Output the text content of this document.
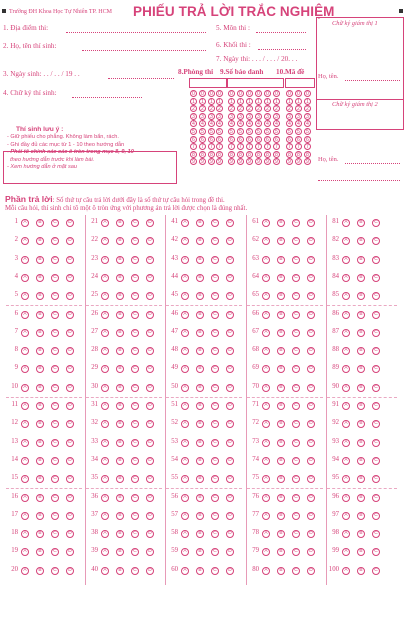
Trường ĐH Khoa Học Tự Nhiên TP. HCM PHIẾU TRẢ LỜI TRẮC NGHIỆM
1. Địa điểm thi:
2. Họ, tên thí sinh:
3. Ngày sinh: . . / . . / 19 . .
4. Chữ ký thí sinh:
5. Môn thi :
6. Khối thi :
7. Ngày thi: . . . / . . . / 20. . .
Chữ ký giám thị 1
Họ, tên.
Chữ ký giám thị 2
Họ, tên.
8.Phòng thi 9.Số báo danh 10.Mã đề
0
1
2
3
4
5
6
7
8
9
0
1
2
3
4
5
6
7
8
9
0
1
2
3
4
5
6
7
8
9
0
1
2
3
4
5
6
7
8
9
0
1
2
3
4
5
6
7
8
9
0
1
2
3
4
5
6
7
8
9
0
1
2
3
4
5
6
7
8
9
0
1
2
3
4
5
6
7
8
9
0
1
2
3
4
5
6
7
8
9
0
1
2
3
4
5
6
7
8
9
0
1
2
3
4
5
6
7
8
9
0
1
2
3
4
5
6
7
8
9
0
1
2
3
4
5
6
7
8
9
Thí sinh lưu ý :
- Giữ phiếu cho phẳng. Không làm bẩn, rách.
- Ghi đầy đủ các mục từ 1 - 10 theo hướng dẫn
- Phải tô chính xác các ô tròn trong mục 8, 9, 10
theo hướng dẫn trước khi làm bài.
- Xem hướng dẫn ở mặt sau
Phần trả lời: Số thứ tự câu trả lời dưới đây là số thứ tự câu hỏi trong đề thi.
Mỗi câu hỏi, thí sinh chỉ tô một ô tròn ứng với phương án trả lời được chọn là đúng nhất.
1	A	B	C	D
2	A	B	C	D
3	A	B	C	D
4	A	B	C	D
5	A	B	C	D
6	A	B	C	D
7	A	B	C	D
8	A	B	C	D
9	A	B	C	D
10	A	B	C	D
11	A	B	C	D
12	A	B	C	D
13	A	B	C	D
14	A	B	C	D
15	A	B	C	D
16	A	B	C	D
17	A	B	C	D
18	A	B	C	D
19	A	B	C	D
20	A	B	C	D
21	A	B	C	D
22	A	B	C	D
23	A	B	C	D
24	A	B	C	D
25	A	B	C	D
26	A	B	C	D
27	A	B	C	D
28	A	B	C	D
29	A	B	C	D
30	A	B	C	D
31	A	B	C	D
32	A	B	C	D
33	A	B	C	D
34	A	B	C	D
35	A	B	C	D
36	A	B	C	D
37	A	B	C	D
38	A	B	C	D
39	A	B	C	D
40	A	B	C	D
41	A	B	C	D
42	A	B	C	D
43	A	B	C	D
44	A	B	C	D
45	A	B	C	D
46	A	B	C	D
47	A	B	C	D
48	A	B	C	D
49	A	B	C	D
50	A	B	C	D
51	A	B	C	D
52	A	B	C	D
53	A	B	C	D
54	A	B	C	D
55	A	B	C	D
56	A	B	C	D
57	A	B	C	D
58	A	B	C	D
59	A	B	C	D
60	A	B	C	D
61	A	B	C	D
62	A	B	C	D
63	A	B	C	D
64	A	B	C	D
65	A	B	C	D
66	A	B	C	D
67	A	B	C	D
68	A	B	C	D
69	A	B	C	D
70	A	B	C	D
71	A	B	C	D
72	A	B	C	D
73	A	B	C	D
74	A	B	C	D
75	A	B	C	D
76	A	B	C	D
77	A	B	C	D
78	A	B	C	D
79	A	B	C	D
80	A	B	C	D
81	A	B	C
82	A	B	C
83	A	B	C
84	A	B	C
85	A	B	C
86	A	B	C
87	A	B	C
88	A	B	C
89	A	B	C
90	A	B	C
91	A	B	C
92	A	B	C
93	A	B	C
94	A	B	C
95	A	B	C
96	A	B	C
97	A	B	C
98	A	B	C
99	A	B	C
100	A	B	C
